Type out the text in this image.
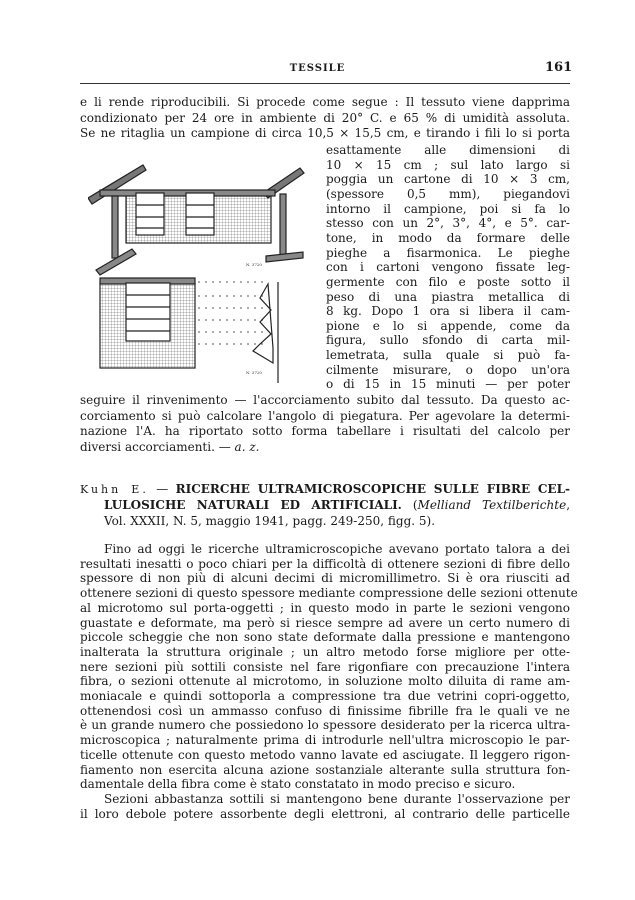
TESSILE	161
e li rende riproducibili. Si procede come segue : Il tessuto viene dapprima
condizionato per 24 ore in ambiente di 20° C. e 65 % di umidità assoluta.
Se ne ritaglia un campione di circa 10,5 × 15,5 cm, e tirando i fili lo si porta
esattamente alle dimensioni di
10 × 15 cm ; sul lato largo si
poggia un cartone di 10 × 3 cm,
(spessore 0,5 mm), piegandovi
intorno il campione, poi si fa lo
stesso con un 2°, 3°, 4°, e 5°. car-
tone, in modo da formare delle
pieghe a fisarmonica. Le pieghe
con i cartoni vengono fissate leg-
germente con filo e poste sotto il
peso di una piastra metallica di
8 kg. Dopo 1 ora si libera il cam-
pione e lo si appende, come da
figura, sullo sfondo di carta mil-
lemetrata, sulla quale si può fa-
cilmente misurare, o dopo un'ora
o di 15 in 15 minuti — per poter
seguire il rinvenimento — l'accorciamento subito dal tessuto. Da questo ac-
corciamento si può calcolare l'angolo di piegatura. Per agevolare la determi-
nazione l'A. ha riportato sotto forma tabellare i risultati del calcolo per
Fino ad oggi le ricerche ultramicroscopiche avevano portato talora a dei
resultati inesatti o poco chiari per la difficoltà di ottenere sezioni di fibre dello
spessore di non più di alcuni decimi di micromillimetro. Si è ora riusciti ad
ottenere sezioni di questo spessore mediante compressione delle sezioni ottenute
al microtomo sul porta-oggetti ; in questo modo in parte le sezioni vengono
guastate e deformate, ma però si riesce sempre ad avere un certo numero di
piccole scheggie che non sono state deformate dalla pressione e mantengono
inalterata la struttura originale ; un altro metodo forse migliore per otte-
nere sezioni più sottili consiste nel fare rigonfiare con precauzione l'intera
fibra, o sezioni ottenute al microtomo, in soluzione molto diluita di rame am-
moniacale e quindi sottoporla a compressione tra due vetrini copri-oggetto,
ottenendosi così un ammasso confuso di finissime fibrille fra le quali ve ne
è un grande numero che possiedono lo spessore desiderato per la ricerca ultra-
microscopica ; naturalmente prima di introdurle nell'ultra microscopio le par-
ticelle ottenute con questo metodo vanno lavate ed asciugate. Il leggero rigon-
fiamento non esercita alcuna azione sostanziale alterante sulla struttura fon-
damentale della fibra come è stato constatato in modo preciso e sicuro.
Sezioni abbastanza sottili si mantengono bene durante l'osservazione per
il loro debole potere assorbente degli elettroni, al contrario delle particelle
diversi accorciamenti. — a. z.
Kuhn E. — RICERCHE ULTRAMICROSCOPICHE SULLE FIBRE CEL-
LULOSICHE NATURALI ED ARTIFICIALI. (Melliand Textilberichte,
Vol. XXXII, N. 5, maggio 1941, pagg. 249-250, figg. 5).
N. 3720
N. 3720
